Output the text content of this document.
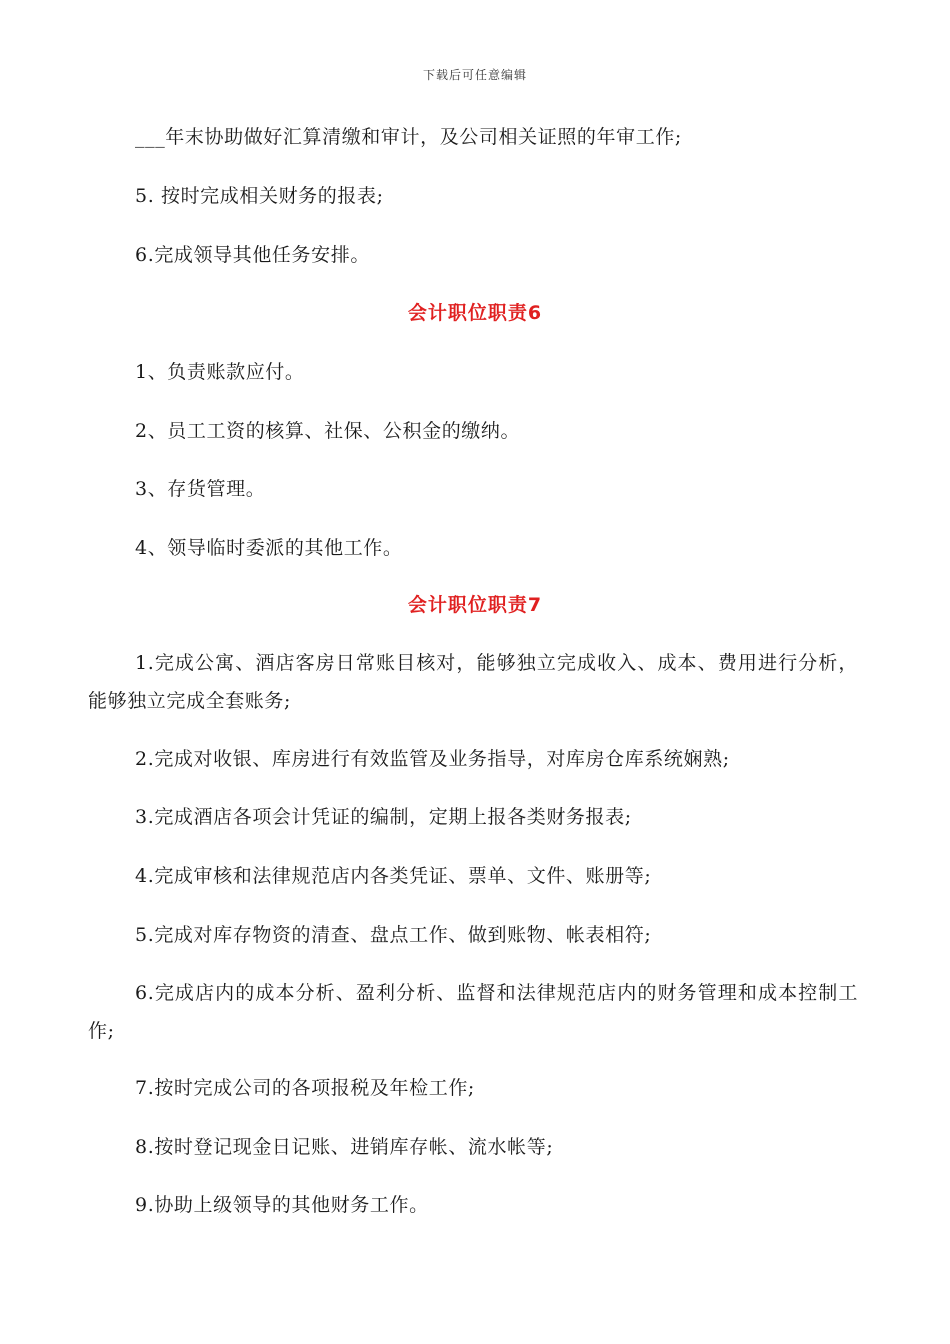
下载后可任意编辑
___年末协助做好汇算清缴和审计，及公司相关证照的年审工作;
5. 按时完成相关财务的报表;
6.完成领导其他任务安排。
会计职位职责6
1、负责账款应付。
2、员工工资的核算、社保、公积金的缴纳。
3、存货管理。
4、领导临时委派的其他工作。
会计职位职责7
1.完成公寓、酒店客房日常账目核对，能够独立完成收入、成本、费用进行分析，能够独立完成全套账务;
2.完成对收银、库房进行有效监管及业务指导，对库房仓库系统娴熟;
3.完成酒店各项会计凭证的编制，定期上报各类财务报表;
4.完成审核和法律规范店内各类凭证、票单、文件、账册等;
5.完成对库存物资的清查、盘点工作、做到账物、帐表相符;
6.完成店内的成本分析、盈利分析、监督和法律规范店内的财务管理和成本控制工作;
7.按时完成公司的各项报税及年检工作;
8.按时登记现金日记账、进销库存帐、流水帐等;
9.协助上级领导的其他财务工作。
